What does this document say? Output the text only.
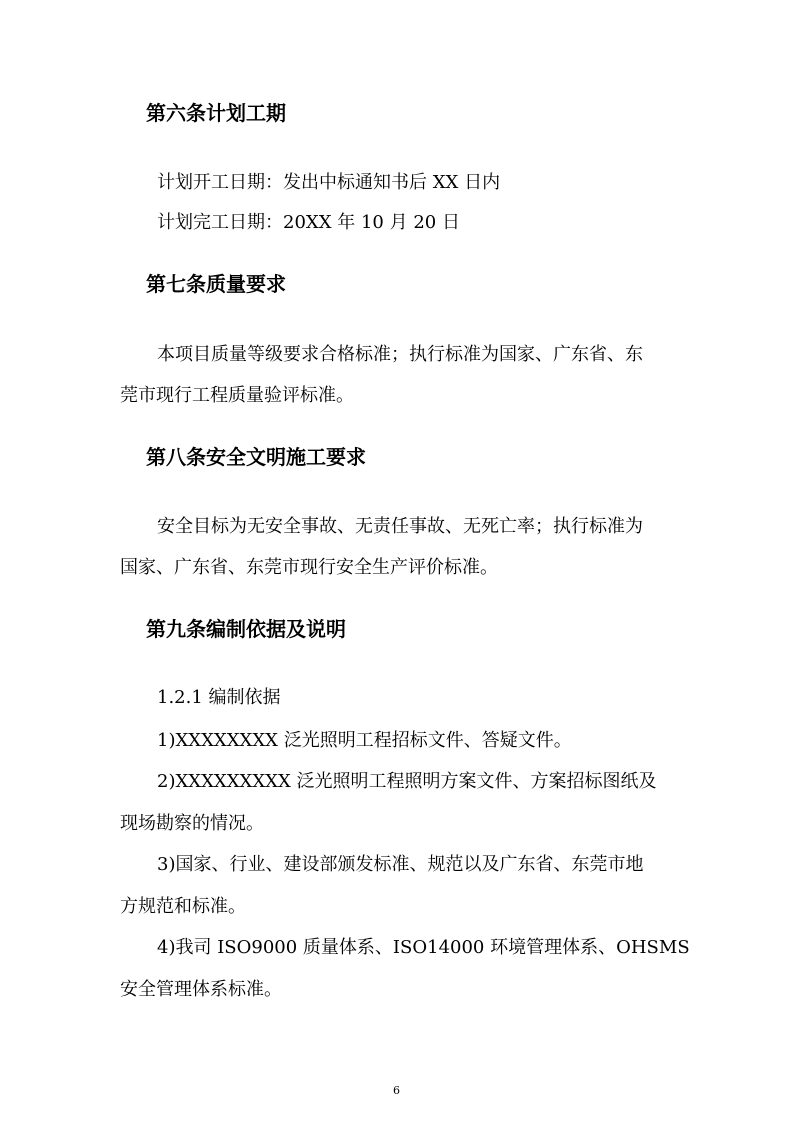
第六条计划工期
计划开工日期：发出中标通知书后 XX 日内
计划完工日期：20XX 年 10 月 20 日
第七条质量要求
本项目质量等级要求合格标准；执行标准为国家、广东省、东
莞市现行工程质量验评标准。
第八条安全文明施工要求
安全目标为无安全事故、无责任事故、无死亡率；执行标准为
国家、广东省、东莞市现行安全生产评价标准。
第九条编制依据及说明
1.2.1 编制依据
1)XXXXXXXX 泛光照明工程招标文件、答疑文件。
2)XXXXXXXXX 泛光照明工程照明方案文件、方案招标图纸及
现场勘察的情况。
3)国家、行业、建设部颁发标准、规范以及广东省、东莞市地
方规范和标准。
4)我司 ISO9000 质量体系、ISO14000 环境管理体系、OHSMS
安全管理体系标准。
6
